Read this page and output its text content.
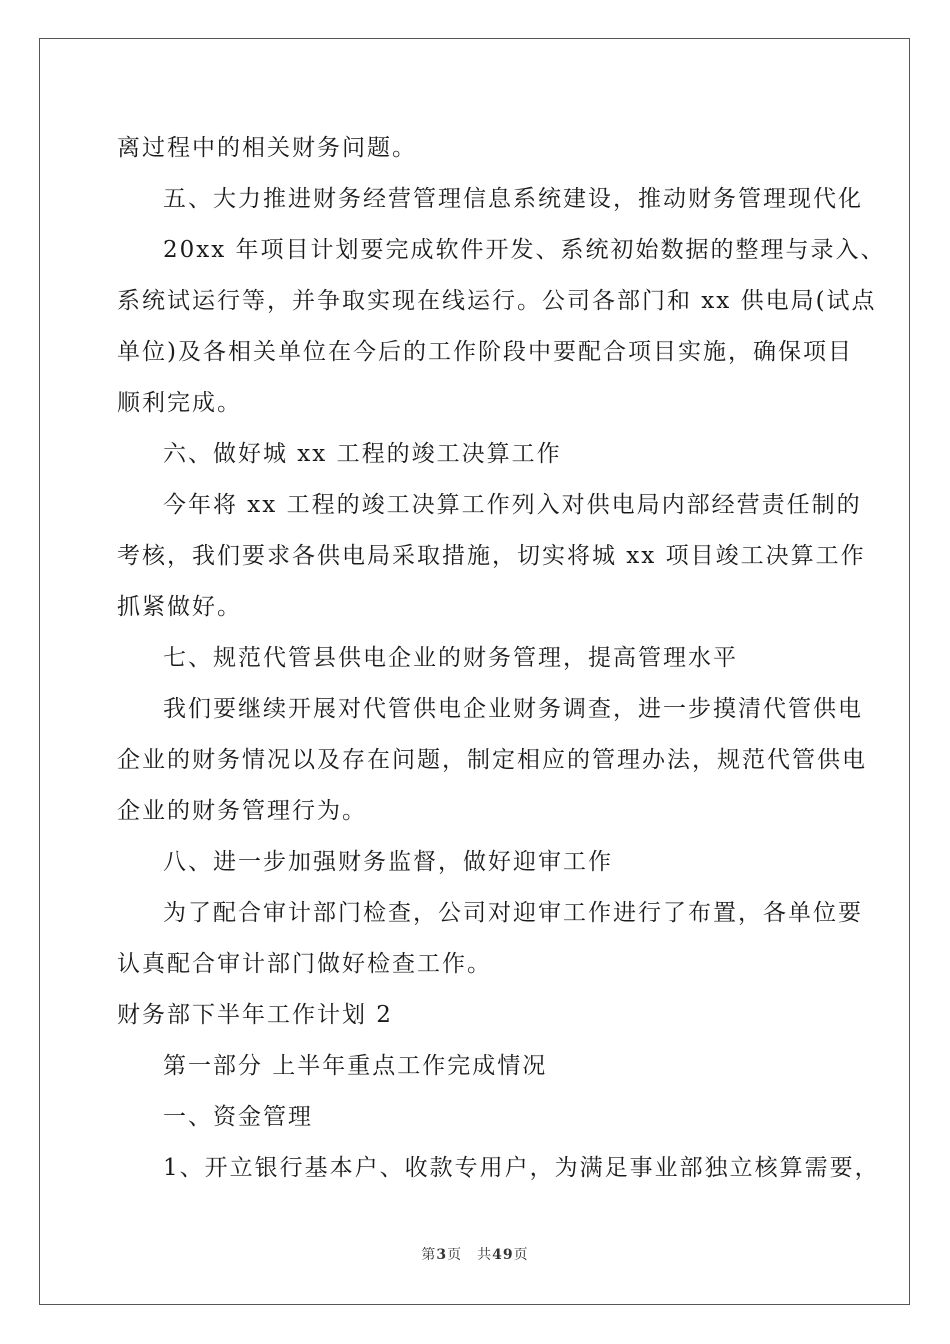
离过程中的相关财务问题。
五、大力推进财务经营管理信息系统建设，推动财务管理现代化
20xx 年项目计划要完成软件开发、系统初始数据的整理与录入、
系统试运行等，并争取实现在线运行。公司各部门和 xx 供电局(试点
单位)及各相关单位在今后的工作阶段中要配合项目实施，确保项目
顺利完成。
六、做好城 xx 工程的竣工决算工作
今年将 xx 工程的竣工决算工作列入对供电局内部经营责任制的
考核，我们要求各供电局采取措施，切实将城 xx 项目竣工决算工作
抓紧做好。
七、规范代管县供电企业的财务管理，提高管理水平
我们要继续开展对代管供电企业财务调查，进一步摸清代管供电
企业的财务情况以及存在问题，制定相应的管理办法，规范代管供电
企业的财务管理行为。
八、进一步加强财务监督，做好迎审工作
为了配合审计部门检查，公司对迎审工作进行了布置，各单位要
认真配合审计部门做好检查工作。
财务部下半年工作计划 2
第一部分 上半年重点工作完成情况
一、资金管理
1、开立银行基本户、收款专用户，为满足事业部独立核算需要，
第3页　共49页
